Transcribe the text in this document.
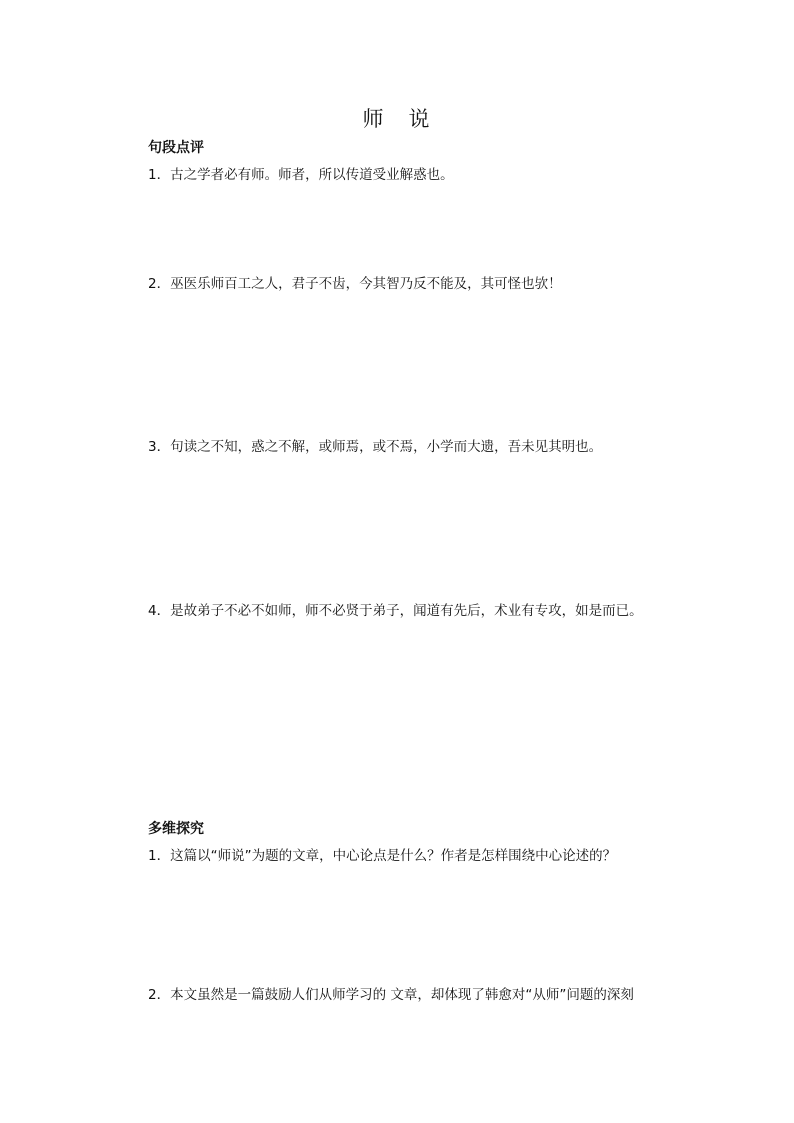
师　说
句段点评
1．古之学者必有师。师者，所以传道受业解惑也。
2．巫医乐师百工之人，君子不齿，今其智乃反不能及，其可怪也欤！
3．句读之不知，惑之不解，或师焉，或不焉，小学而大遗，吾未见其明也。
4．是故弟子不必不如师，师不必贤于弟子，闻道有先后，术业有专攻，如是而已。
多维探究
1．这篇以“师说”为题的文章，中心论点是什么？作者是怎样围绕中心论述的？
2．本文虽然是一篇鼓励人们从师学习的 文章，却体现了韩愈对“从师”问题的深刻
